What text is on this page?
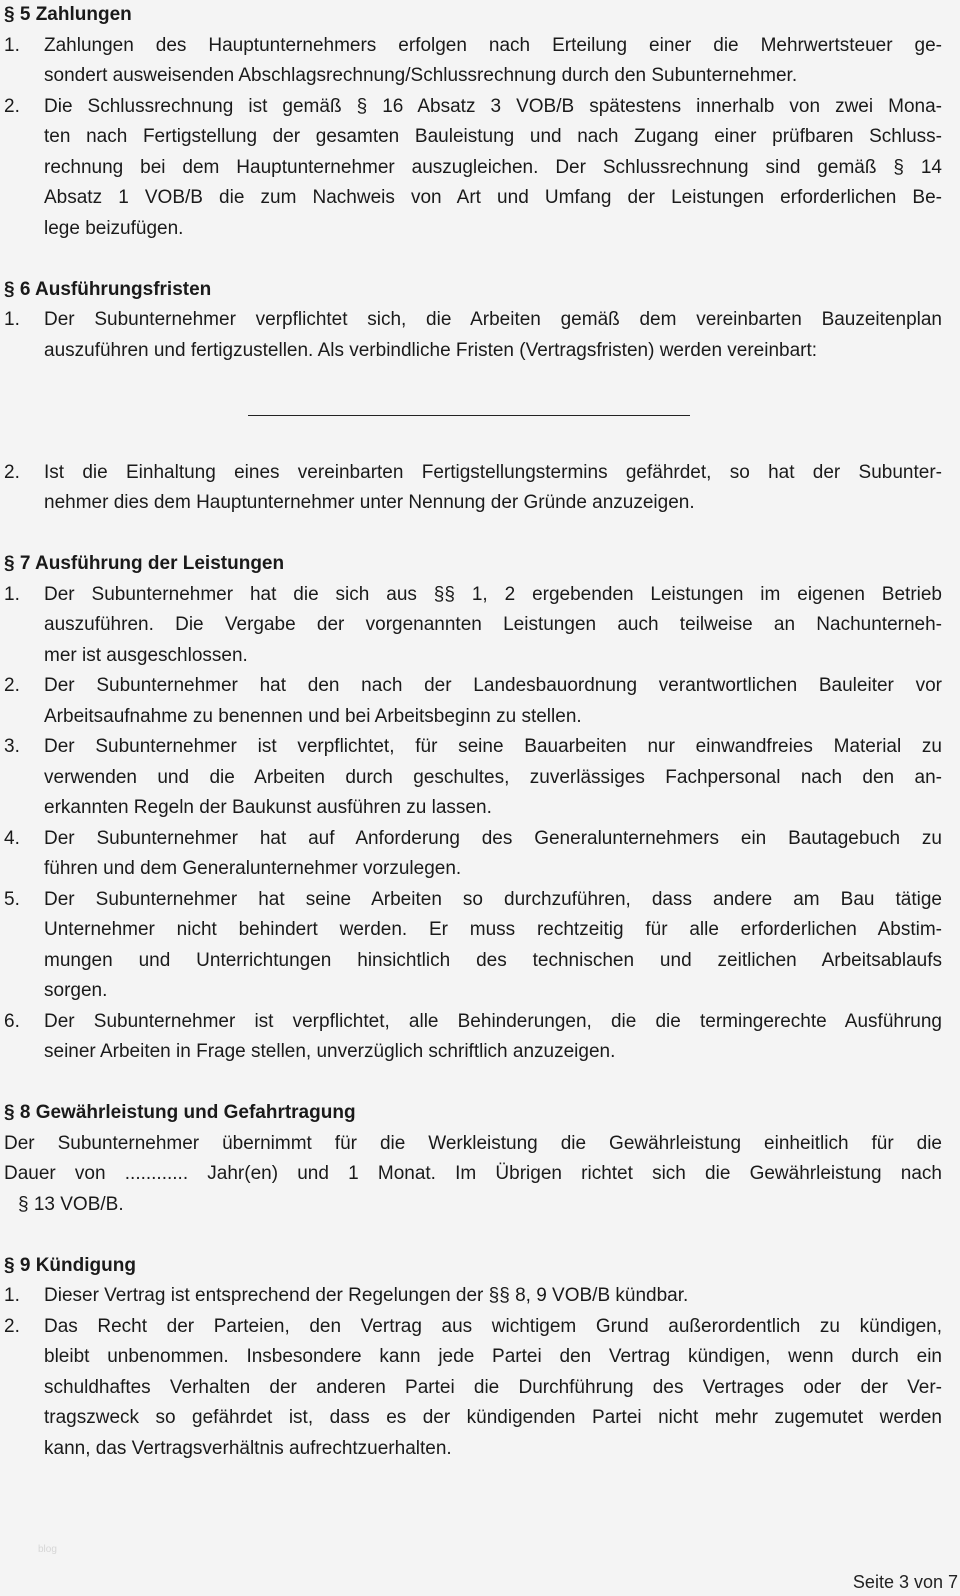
§ 5 Zahlungen
1. Zahlungen des Hauptunternehmers erfolgen nach Erteilung einer die Mehrwertsteuer ge-
sondert ausweisenden Abschlagsrechnung/Schlussrechnung durch den Subunternehmer.
2. Die Schlussrechnung ist gemäß § 16 Absatz 3 VOB/B spätestens innerhalb von zwei Mona-
ten nach Fertigstellung der gesamten Bauleistung und nach Zugang einer prüfbaren Schluss-
rechnung bei dem Hauptunternehmer auszugleichen. Der Schlussrechnung sind gemäß § 14
Absatz 1 VOB/B die zum Nachweis von Art und Umfang der Leistungen erforderlichen Be-
lege beizufügen.
§ 6 Ausführungsfristen
1. Der Subunternehmer verpflichtet sich, die Arbeiten gemäß dem vereinbarten Bauzeitenplan
auszuführen und fertigzustellen. Als verbindliche Fristen (Vertragsfristen) werden vereinbart:
2. Ist die Einhaltung eines vereinbarten Fertigstellungstermins gefährdet, so hat der Subunter-
nehmer dies dem Hauptunternehmer unter Nennung der Gründe anzuzeigen.
§ 7 Ausführung der Leistungen
1. Der Subunternehmer hat die sich aus §§ 1, 2 ergebenden Leistungen im eigenen Betrieb
auszuführen. Die Vergabe der vorgenannten Leistungen auch teilweise an Nachunterneh-
mer ist ausgeschlossen.
2. Der Subunternehmer hat den nach der Landesbauordnung verantwortlichen Bauleiter vor
Arbeitsaufnahme zu benennen und bei Arbeitsbeginn zu stellen.
3. Der Subunternehmer ist verpflichtet, für seine Bauarbeiten nur einwandfreies Material zu
verwenden und die Arbeiten durch geschultes, zuverlässiges Fachpersonal nach den an-
erkannten Regeln der Baukunst ausführen zu lassen.
4. Der Subunternehmer hat auf Anforderung des Generalunternehmers ein Bautagebuch zu
führen und dem Generalunternehmer vorzulegen.
5. Der Subunternehmer hat seine Arbeiten so durchzuführen, dass andere am Bau tätige
Unternehmer nicht behindert werden. Er muss rechtzeitig für alle erforderlichen Abstim-
mungen und Unterrichtungen hinsichtlich des technischen und zeitlichen Arbeitsablaufs
sorgen.
6. Der Subunternehmer ist verpflichtet, alle Behinderungen, die die termingerechte Ausführung
seiner Arbeiten in Frage stellen, unverzüglich schriftlich anzuzeigen.
§ 8 Gewährleistung und Gefahrtragung
Der Subunternehmer übernimmt für die Werkleistung die Gewährleistung einheitlich für die
Dauer von ............ Jahr(en) und 1 Monat. Im Übrigen richtet sich die Gewährleistung nach
§ 13 VOB/B.
§ 9 Kündigung
1. Dieser Vertrag ist entsprechend der Regelungen der §§ 8, 9 VOB/B kündbar.
2. Das Recht der Parteien, den Vertrag aus wichtigem Grund außerordentlich zu kündigen,
bleibt unbenommen. Insbesondere kann jede Partei den Vertrag kündigen, wenn durch ein
schuldhaftes Verhalten der anderen Partei die Durchführung des Vertrages oder der Ver-
tragszweck so gefährdet ist, dass es der kündigenden Partei nicht mehr zugemutet werden
kann, das Vertragsverhältnis aufrechtzuerhalten.
blog
Seite 3 von 7
